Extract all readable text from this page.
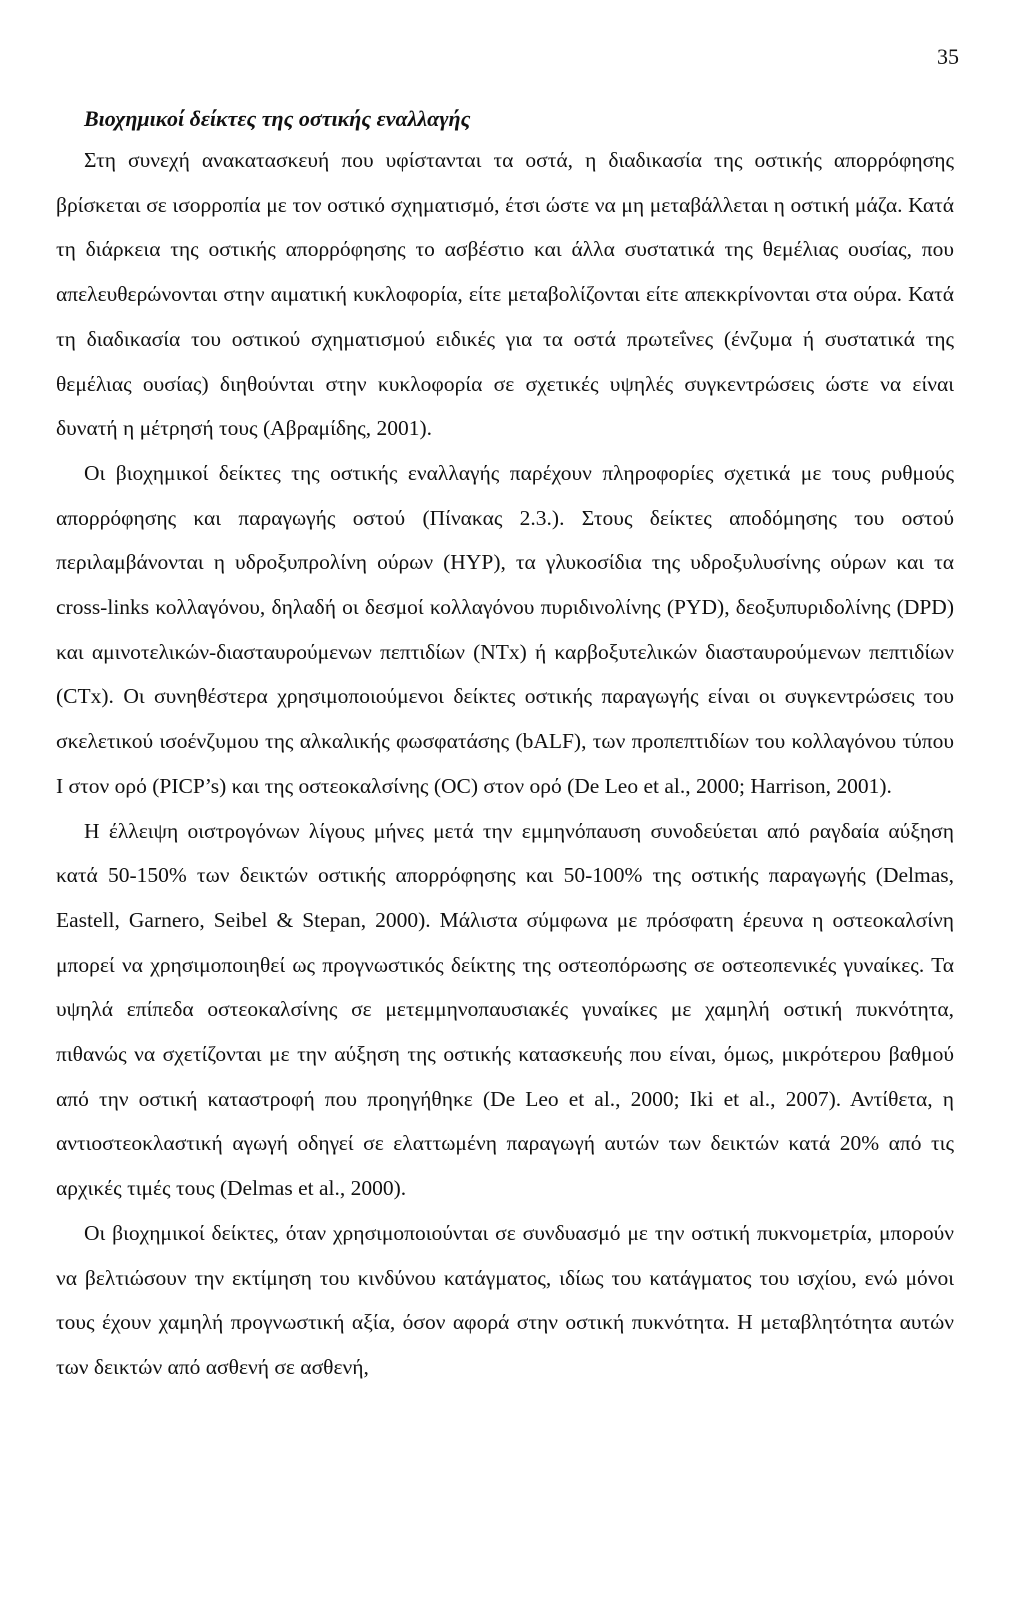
35
Βιοχημικοί δείκτες της οστικής εναλλαγής

Στη συνεχή ανακατασκευή που υφίστανται τα οστά, η διαδικασία της οστικής απορρόφησης βρίσκεται σε ισορροπία με τον οστικό σχηματισμό, έτσι ώστε να μη μεταβάλλεται η οστική μάζα. Κατά τη διάρκεια της οστικής απορρόφησης το ασβέστιο και άλλα συστατικά της θεμέλιας ουσίας, που απελευθερώνονται στην αιματική κυκλοφορία, είτε μεταβολίζονται είτε απεκκρίνονται στα ούρα. Κατά τη διαδικασία του οστικού σχηματισμού ειδικές για τα οστά πρωτεΐνες (ένζυμα ή συστατικά της θεμέλιας ουσίας) διηθούνται στην κυκλοφορία σε σχετικές υψηλές συγκεντρώσεις ώστε να είναι δυνατή η μέτρησή τους (Αβραμίδης, 2001).

Οι βιοχημικοί δείκτες της οστικής εναλλαγής παρέχουν πληροφορίες σχετικά με τους ρυθμούς απορρόφησης και παραγωγής οστού (Πίνακας 2.3.). Στους δείκτες αποδόμησης του οστού περιλαμβάνονται η υδροξυπρολίνη ούρων (HYP), τα γλυκοσίδια της υδροξυλυσίνης ούρων και τα cross-links κολλαγόνου, δηλαδή οι δεσμοί κολλαγόνου πυριδινολίνης (PYD), δεοξυπυριδολίνης (DPD) και αμινοτελικών-διασταυρούμενων πεπτιδίων (NTx) ή καρβοξυτελικών διασταυρούμενων πεπτιδίων (CTx). Οι συνηθέστερα χρησιμοποιούμενοι δείκτες οστικής παραγωγής είναι οι συγκεντρώσεις του σκελετικού ισοένζυμου της αλκαλικής φωσφατάσης (bALF), των προπεπτιδίων του κολλαγόνου τύπου I στον ορό (PICP’s) και της οστεοκαλσίνης (OC) στον ορό (De Leo et al., 2000; Harrison, 2001).

Η έλλειψη οιστρογόνων λίγους μήνες μετά την εμμηνόπαυση συνοδεύεται από ραγδαία αύξηση κατά 50-150% των δεικτών οστικής απορρόφησης και 50-100% της οστικής παραγωγής (Delmas, Eastell, Garnero, Seibel & Stepan, 2000). Μάλιστα σύμφωνα με πρόσφατη έρευνα η οστεοκαλσίνη μπορεί να χρησιμοποιηθεί ως προγνωστικός δείκτης της οστεοπόρωσης σε οστεοπενικές γυναίκες. Τα υψηλά επίπεδα οστεοκαλσίνης σε μετεμμηνοπαυσιακές γυναίκες με χαμηλή οστική πυκνότητα, πιθανώς να σχετίζονται με την αύξηση της οστικής κατασκευής που είναι, όμως, μικρότερου βαθμού από την οστική καταστροφή που προηγήθηκε (De Leo et al., 2000; Iki et al., 2007). Αντίθετα, η αντιοστεοκλαστική αγωγή οδηγεί σε ελαττωμένη παραγωγή αυτών των δεικτών κατά 20% από τις αρχικές τιμές τους (Delmas et al., 2000).

Οι βιοχημικοί δείκτες, όταν χρησιμοποιούνται σε συνδυασμό με την οστική πυκνομετρία, μπορούν να βελτιώσουν την εκτίμηση του κινδύνου κατάγματος, ιδίως του κατάγματος του ισχίου, ενώ μόνοι τους έχουν χαμηλή προγνωστική αξία, όσον αφορά στην οστική πυκνότητα. Η μεταβλητότητα αυτών των δεικτών από ασθενή σε ασθενή,
